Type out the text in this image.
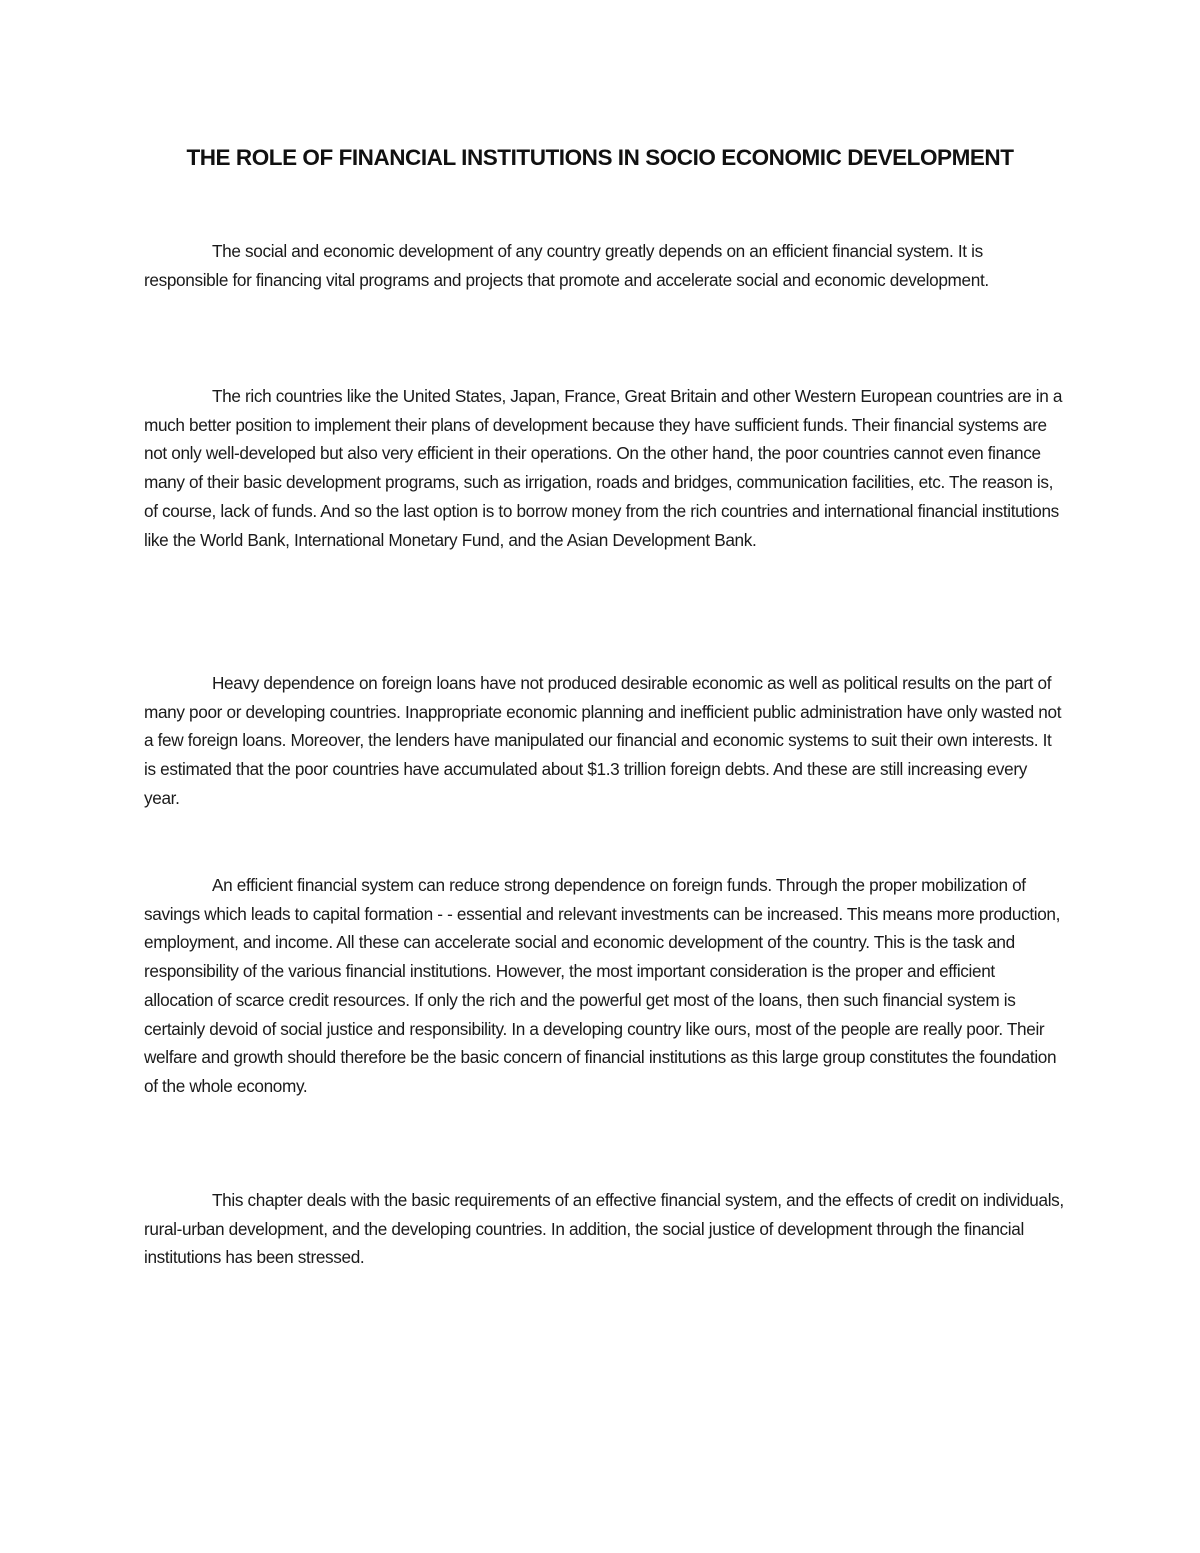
THE ROLE OF FINANCIAL INSTITUTIONS IN SOCIO ECONOMIC DEVELOPMENT

The social and economic development of any country greatly depends on an efficient financial system. It is responsible for financing vital programs and projects that promote and accelerate social and economic development.

The rich countries like the United States, Japan, France, Great Britain and other Western European countries are in a much better position to implement their plans of development because they have sufficient funds. Their financial systems are not only well-developed but also very efficient in their operations. On the other hand, the poor countries cannot even finance many of their basic development programs, such as irrigation, roads and bridges, communication facilities, etc. The reason is, of course, lack of funds. And so the last option is to borrow money from the rich countries and international financial institutions like the World Bank, International Monetary Fund, and the Asian Development Bank.

Heavy dependence on foreign loans have not produced desirable economic as well as political results on the part of many poor or developing countries. Inappropriate economic planning and inefficient public administration have only wasted not a few foreign loans. Moreover, the lenders have manipulated our financial and economic systems to suit their own interests. It is estimated that the poor countries have accumulated about $1.3 trillion foreign debts. And these are still increasing every year.

An efficient financial system can reduce strong dependence on foreign funds. Through the proper mobilization of savings which leads to capital formation - - essential and relevant investments can be increased. This means more production, employment, and income. All these can accelerate social and economic development of the country. This is the task and responsibility of the various financial institutions. However, the most important consideration is the proper and efficient allocation of scarce credit resources. If only the rich and the powerful get most of the loans, then such financial system is certainly devoid of social justice and responsibility. In a developing country like ours, most of the people are really poor. Their welfare and growth should therefore be the basic concern of financial institutions as this large group constitutes the foundation of the whole economy.

This chapter deals with the basic requirements of an effective financial system, and the effects of credit on individuals, rural-urban development, and the developing countries. In addition, the social justice of development through the financial institutions has been stressed.
